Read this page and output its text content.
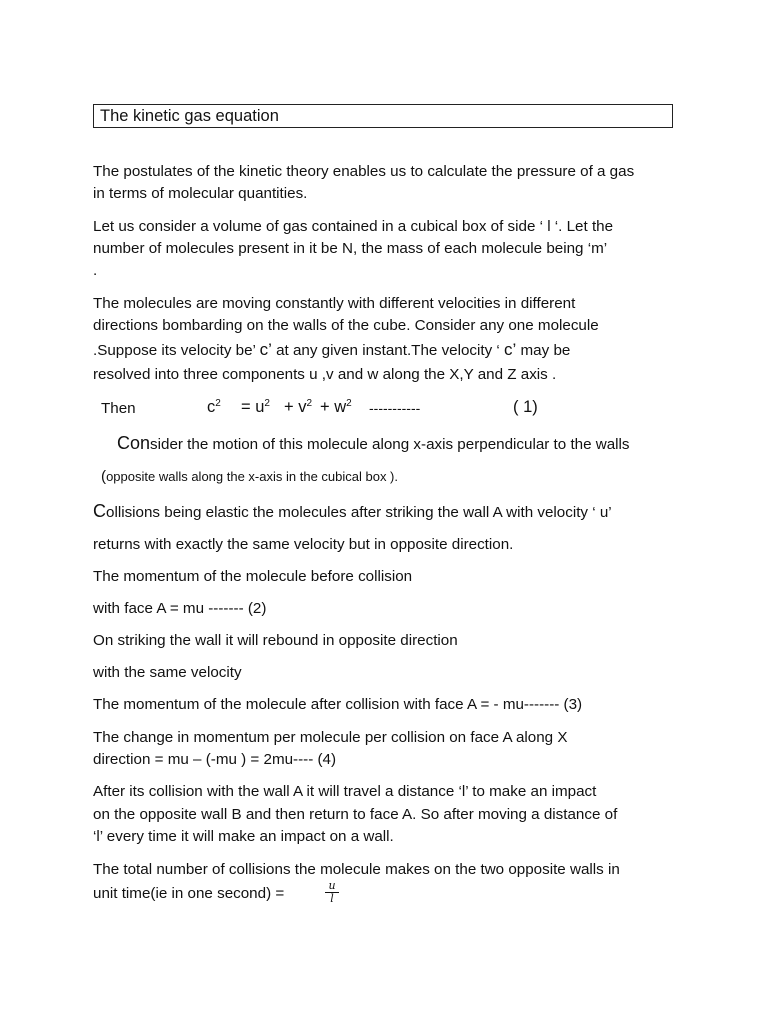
The kinetic gas equation
The postulates of the kinetic theory enables us to calculate the pressure of a gas
in terms of molecular quantities.
Let us consider a volume of gas contained in a cubical box of side ‘ l ‘. Let the
number of molecules present in it be N, the mass of each molecule being ‘m’
.
The molecules are moving constantly with different velocities in different
directions bombarding on the walls of the cube. Consider any one molecule
.Suppose its velocity be’ c’ at any given instant.The velocity ‘ c’ may be
resolved into three components u ,v and w along the X,Y and Z axis .
Then	$c^2 = u^2 + v^2 + w^2$ -----------	( 1)
Consider the motion of this molecule along x-axis perpendicular to the walls
(opposite walls along the x-axis in the cubical box ).
Collisions being elastic the molecules after striking the wall A with velocity ‘ u’
returns with exactly the same velocity but in opposite direction.
The momentum of the molecule before collision
with face A = mu ------- (2)
On striking the wall it will rebound in opposite direction
with the same velocity
The momentum of the molecule after collision with face A = - mu------- (3)
The change in momentum per molecule per collision on face A along X
direction = mu – (-mu ) = 2mu---- (4)
After its collision with the wall A it will travel a distance ‘l’ to make an impact
on the opposite wall B and then return to face A. So after moving a distance of
‘l’ every time it will make an impact on a wall.
The total number of collisions the molecule makes on the two opposite walls in
unit time(ie in one second) =	$\frac{u}{l}$
